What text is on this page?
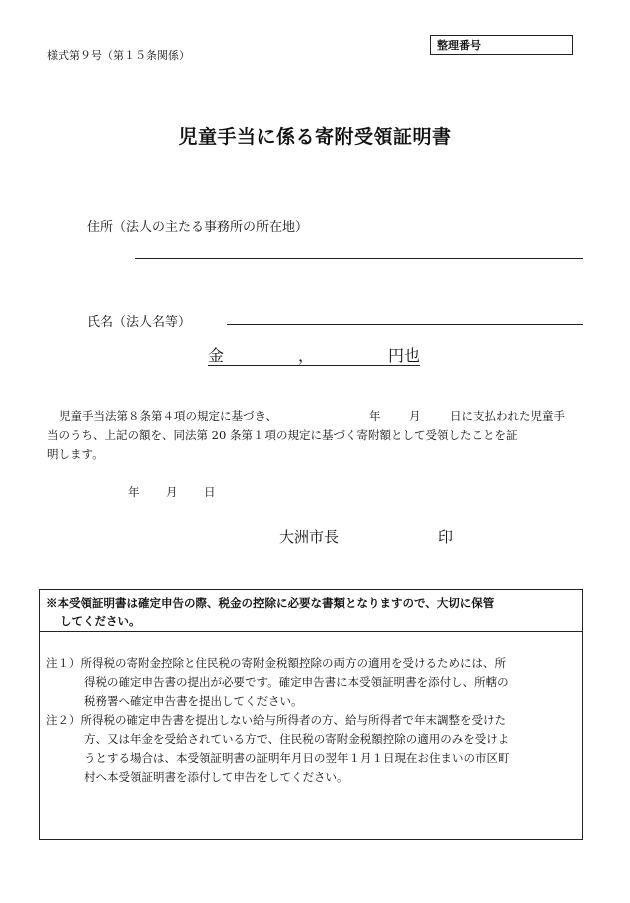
様式第９号（第１５条関係）
整理番号
児童手当に係る寄附受領証明書
住所（法人の主たる事務所の所在地）
氏名（法人名等）
金	，	円也
児童手当法第８条第４項の規定に基づき、	年 月	日に支払われた児童手
当のうち、上記の額を、同法第 20 条第１項の規定に基づく寄附額として受領したことを証
明します。
年 月 日
大洲市長	印
※本受領証明書は確定申告の際、税金の控除に必要な書類となりますので、大切に保管
してください。
注１）所得税の寄附金控除と住民税の寄附金税額控除の両方の適用を受けるためには、所
得税の確定申告書の提出が必要です。確定申告書に本受領証明書を添付し、所轄の
税務署へ確定申告書を提出してください。
注２）所得税の確定申告書を提出しない給与所得者の方、給与所得者で年末調整を受けた
方、又は年金を受給されている方で、住民税の寄附金税額控除の適用のみを受けよ
うとする場合は、本受領証明書の証明年月日の翌年１月１日現在お住まいの市区町
村へ本受領証明書を添付して申告をしてください。
